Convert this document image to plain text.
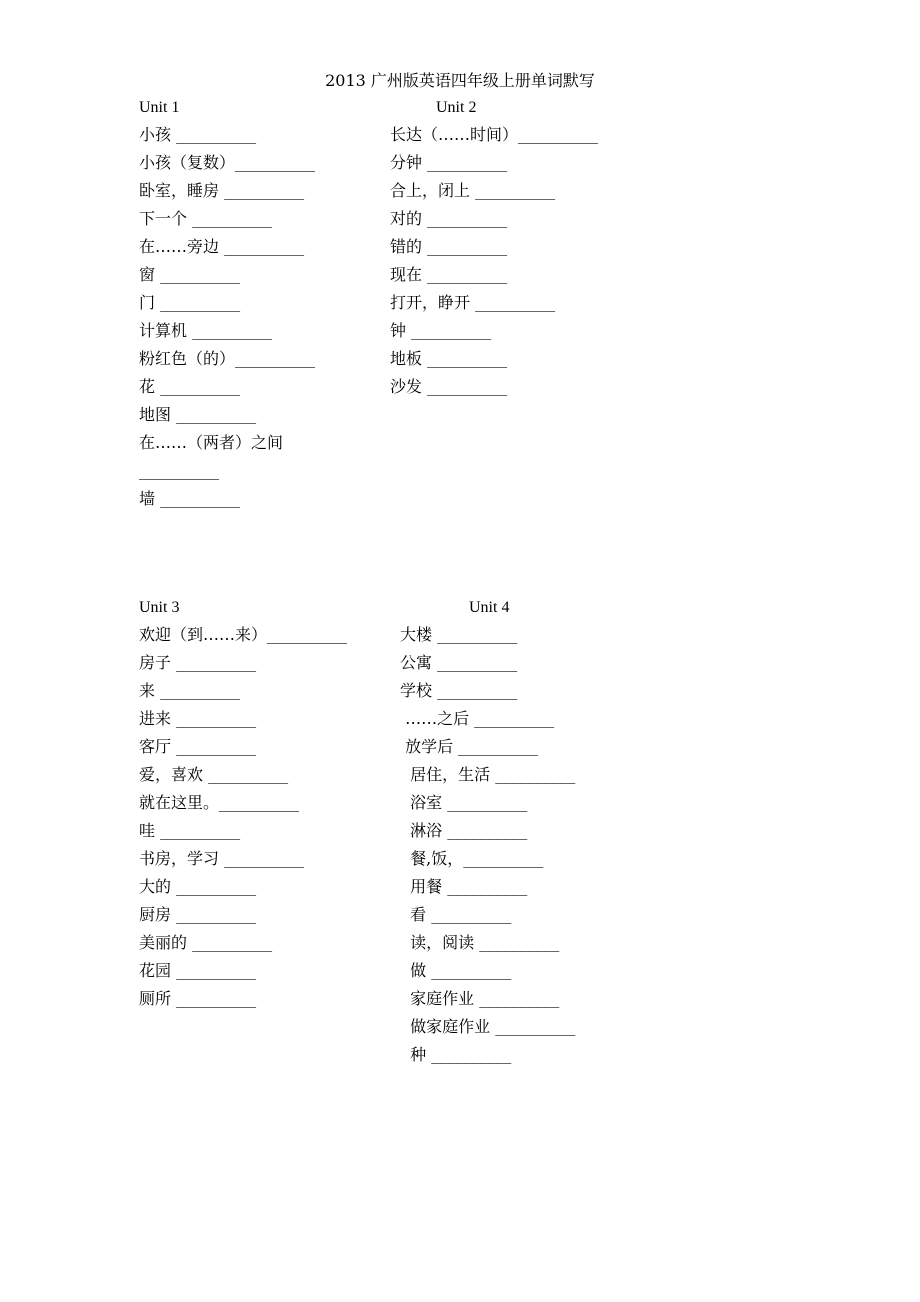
2013 广州版英语四年级上册单词默写
Unit 1	Unit 2
小孩 __________
小孩（复数）__________
卧室，睡房 __________
下一个 __________
在……旁边 __________
窗 __________
门 __________
计算机 __________
粉红色（的）__________
花 __________
地图 __________
在……（两者）之间
__________
墙 __________
长达（……时间）__________
分钟 __________
合上，闭上 __________
对的 __________
错的 __________
现在 __________
打开，睁开 __________
钟 __________
地板 __________
沙发 __________
Unit 3	Unit 4
欢迎（到……来）__________
房子 __________
来 __________
进来 __________
客厅 __________
爱，喜欢 __________
就在这里。__________
哇 __________
书房，学习 __________
大的 __________
厨房 __________
美丽的 __________
花园 __________
厕所 __________
大楼 __________
公寓 __________
学校 __________
……之后 __________
放学后 __________
居住，生活 __________
浴室 __________
淋浴 __________
餐,饭，__________
用餐 __________
看 __________
读，阅读 __________
做 __________
家庭作业 __________
做家庭作业 __________
种 __________
